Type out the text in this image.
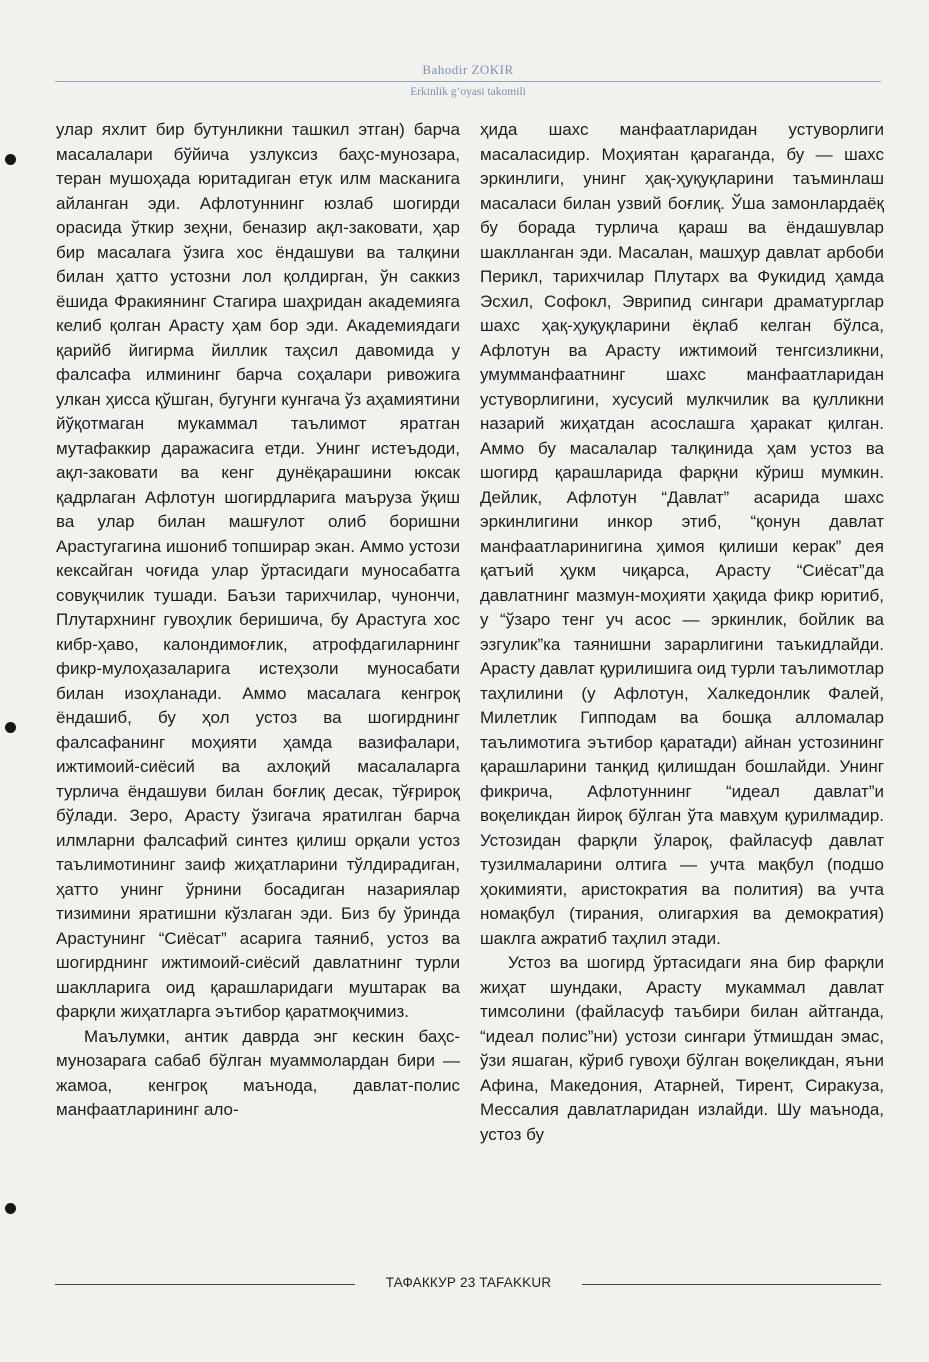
Bahodir ZOKIR
Erkinlik g’oyasi takomili

улар яхлит бир бутунликни ташкил этган) барча масалалари бўйича узлуксиз баҳс-мунозара, теран мушоҳада юритадиган етук илм масканига айланган эди. Афлотуннинг юзлаб шогирди орасида ўткир зеҳни, беназир ақл-заковати, ҳар бир масалага ўзига хос ёндашуви ва талқини билан ҳатто устозни лол қолдирган, ўн саккиз ёшида Фракиянинг Стагира шаҳридан академияга келиб қолган Арасту ҳам бор эди. Академиядаги қарийб йигирма йиллик таҳсил давомида у фалсафа илмининг барча соҳалари ривожига улкан ҳисса қўшган, бугунги кунгача ўз аҳамиятини йўқотмаган мукаммал таълимот яратган мутафаккир даражасига етди. Унинг истеъдоди, ақл-заковати ва кенг дунёқарашини юксак қадрлаган Афлотун шогирдларига маъруза ўқиш ва улар билан машғулот олиб боришни Арастугагина ишониб топширар экан. Аммо устози кексайган чоғида улар ўртасидаги муносабатга совуқчилик тушади. Баъзи тарихчилар, чунончи, Плутархнинг гувоҳлик беришича, бу Арастуга хос кибр-ҳаво, калондимоғлик, атрофдагиларнинг фикр-мулоҳазаларига истеҳзоли муносабати билан изоҳланади. Аммо масалага кенгроқ ёндашиб, бу ҳол устоз ва шогирднинг фалсафанинг моҳияти ҳамда вазифалари, ижтимоий-сиёсий ва ахлоқий масалаларга турлича ёндашуви билан боғлиқ десак, тўғрироқ бўлади. Зеро, Арасту ўзигача яратилган барча илмларни фалсафий синтез қилиш орқали устоз таълимотининг заиф жиҳатларини тўлдирадиган, ҳатто унинг ўрнини босадиган назариялар тизимини яратишни кўзлаган эди. Биз бу ўринда Арастунинг “Сиёсат” асарига таяниб, устоз ва шогирднинг ижтимоий-сиёсий давлатнинг турли шаклларига оид қарашларидаги муштарак ва фарқли жиҳатларга эътибор қаратмоқчимиз.

Маълумки, антик даврда энг кескин баҳс-мунозарага сабаб бўлган муаммолардан бири — жамоа, кенгроқ маънода, давлат-полис манфаатларининг ало-

ҳида шахс манфаатларидан устуворлиги масаласидир. Моҳиятан қараганда, бу — шахс эркинлиги, унинг ҳақ-ҳуқуқларини таъминлаш масаласи билан узвий боғлиқ. Ўша замонлардаёқ бу борада турлича қараш ва ёндашувлар шаклланган эди. Масалан, машҳур давлат арбоби Перикл, тарихчилар Плутарх ва Фукидид ҳамда Эсхил, Софокл, Эврипид сингари драматурглар шахс ҳақ-ҳуқуқларини ёқлаб келган бўлса, Афлотун ва Арасту ижтимоий тенгсизликни, умумманфаатнинг шахс манфаатларидан устуворлигини, хусусий мулкчилик ва қулликни назарий жиҳатдан асослашга ҳаракат қилган. Аммо бу масалалар талқинида ҳам устоз ва шогирд қарашларида фарқни кўриш мумкин. Дейлик, Афлотун “Давлат” асарида шахс эркинлигини инкор этиб, “қонун давлат манфаатларинигина ҳимоя қилиши керак” дея қатъий ҳукм чиқарса, Арасту “Сиёсат”да давлатнинг мазмун-моҳияти ҳақида фикр юритиб, у “ўзаро тенг уч асос — эркинлик, бойлик ва эзгулик”ка таянишни зарарлигини таъкидлайди. Арасту давлат қурилишига оид турли таълимотлар таҳлилини (у Афлотун, Халкедонлик Фалей, Милетлик Гипподам ва бошқа алломалар таълимотига эътибор қаратади) айнан устозининг қарашларини танқид қилишдан бошлайди. Унинг фикрича, Афлотуннинг “идеал давлат”и воқеликдан йироқ бўлган ўта мавҳум қурилмадир. Устозидан фарқли ўлароқ, файласуф давлат тузилмаларини олтига — учта мақбул (подшо ҳокимияти, аристократия ва полития) ва учта номақбул (тирания, олигархия ва демократия) шаклга ажратиб таҳлил этади.

Устоз ва шогирд ўртасидаги яна бир фарқли жиҳат шундаки, Арасту мукаммал давлат тимсолини (файласуф таъбири билан айтганда, “идеал полис”ни) устози сингари ўтмишдан эмас, ўзи яшаган, кўриб гувоҳи бўлган воқеликдан, яъни Афина, Македония, Атарней, Тирент, Сиракуза, Мессалия давлатларидан излайди. Шу маънода, устоз бу

ТАФАККУР 23 TAFAKKUR
